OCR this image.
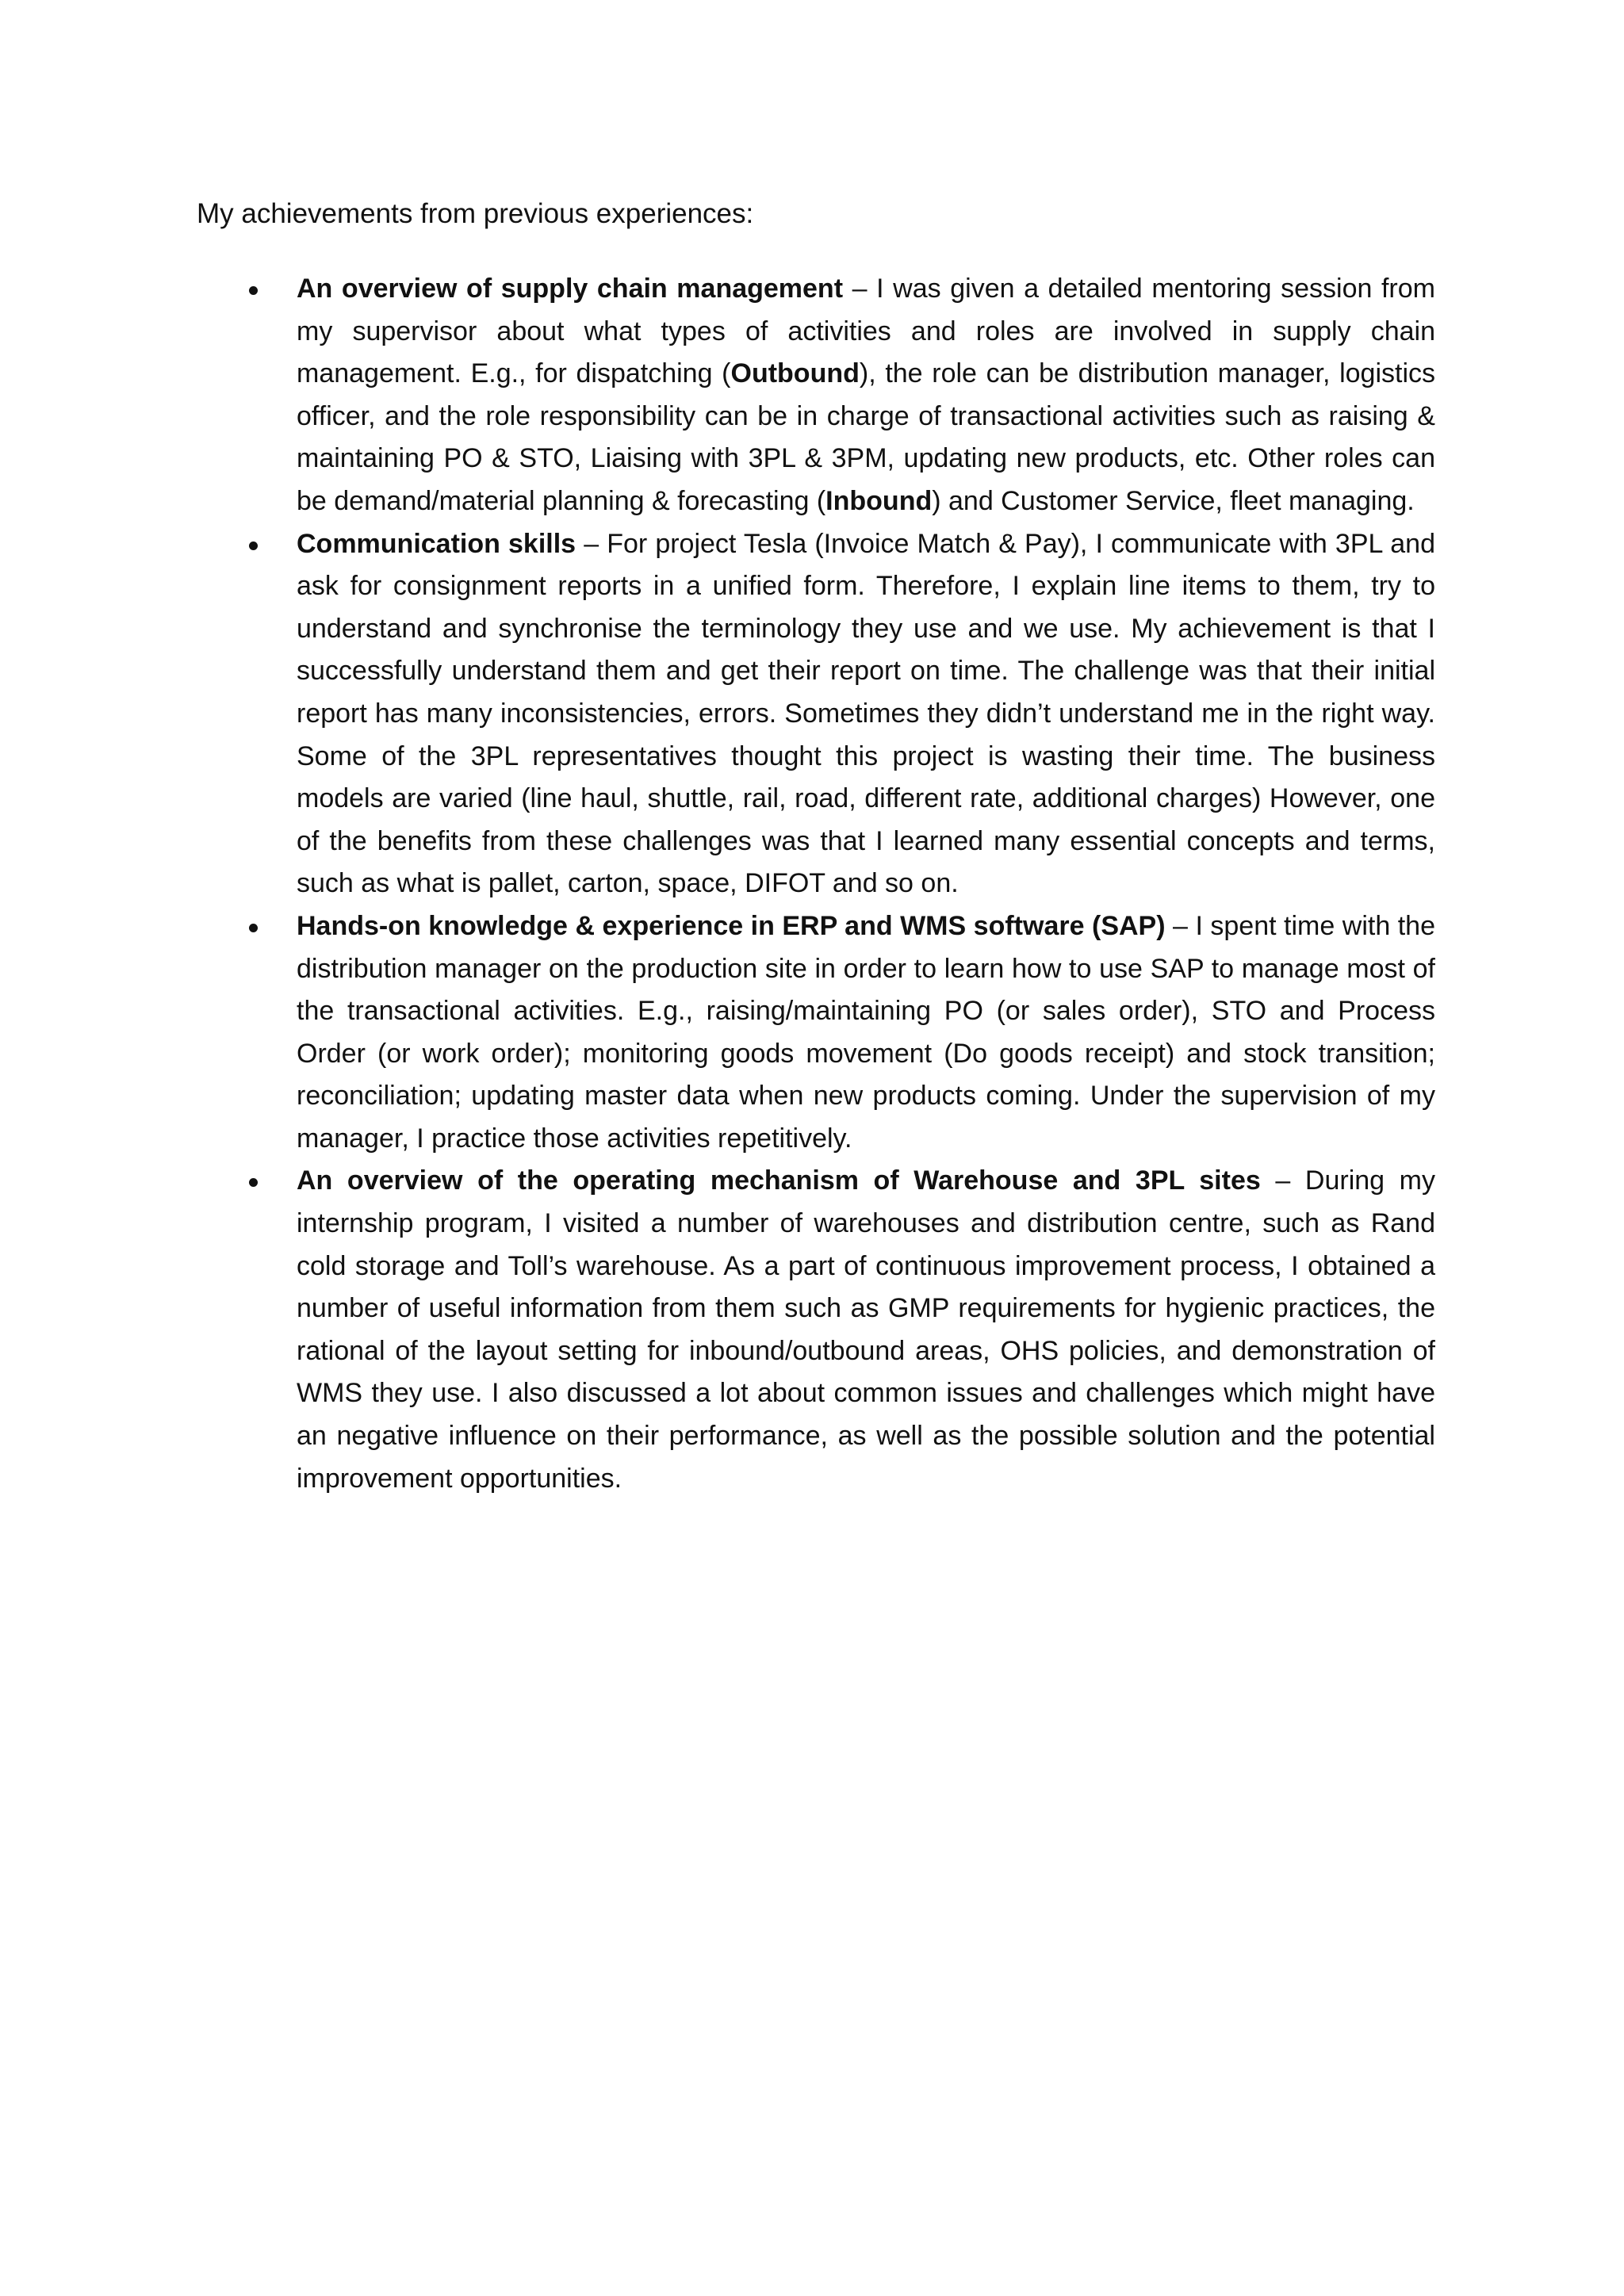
My achievements from previous experiences:

An overview of supply chain management – I was given a detailed mentoring session from my supervisor about what types of activities and roles are involved in supply chain management. E.g., for dispatching (Outbound), the role can be distribution manager, logistics officer, and the role responsibility can be in charge of transactional activities such as raising & maintaining PO & STO, Liaising with 3PL & 3PM, updating new products, etc. Other roles can be demand/material planning & forecasting (Inbound) and Customer Service, fleet managing.
Communication skills – For project Tesla (Invoice Match & Pay), I communicate with 3PL and ask for consignment reports in a unified form. Therefore, I explain line items to them, try to understand and synchronise the terminology they use and we use. My achievement is that I successfully understand them and get their report on time. The challenge was that their initial report has many inconsistencies, errors. Sometimes they didn’t understand me in the right way. Some of the 3PL representatives thought this project is wasting their time. The business models are varied (line haul, shuttle, rail, road, different rate, additional charges) However, one of the benefits from these challenges was that I learned many essential concepts and terms, such as what is pallet, carton, space, DIFOT and so on.
Hands-on knowledge & experience in ERP and WMS software (SAP) – I spent time with the distribution manager on the production site in order to learn how to use SAP to manage most of the transactional activities. E.g., raising/maintaining PO (or sales order), STO and Process Order (or work order); monitoring goods movement (Do goods receipt) and stock transition; reconciliation; updating master data when new products coming. Under the supervision of my manager, I practice those activities repetitively.
An overview of the operating mechanism of Warehouse and 3PL sites – During my internship program, I visited a number of warehouses and distribution centre, such as Rand cold storage and Toll’s warehouse. As a part of continuous improvement process, I obtained a number of useful information from them such as GMP requirements for hygienic practices, the rational of the layout setting for inbound/outbound areas, OHS policies, and demonstration of WMS they use. I also discussed a lot about common issues and challenges which might have an negative influence on their performance, as well as the possible solution and the potential improvement opportunities.
